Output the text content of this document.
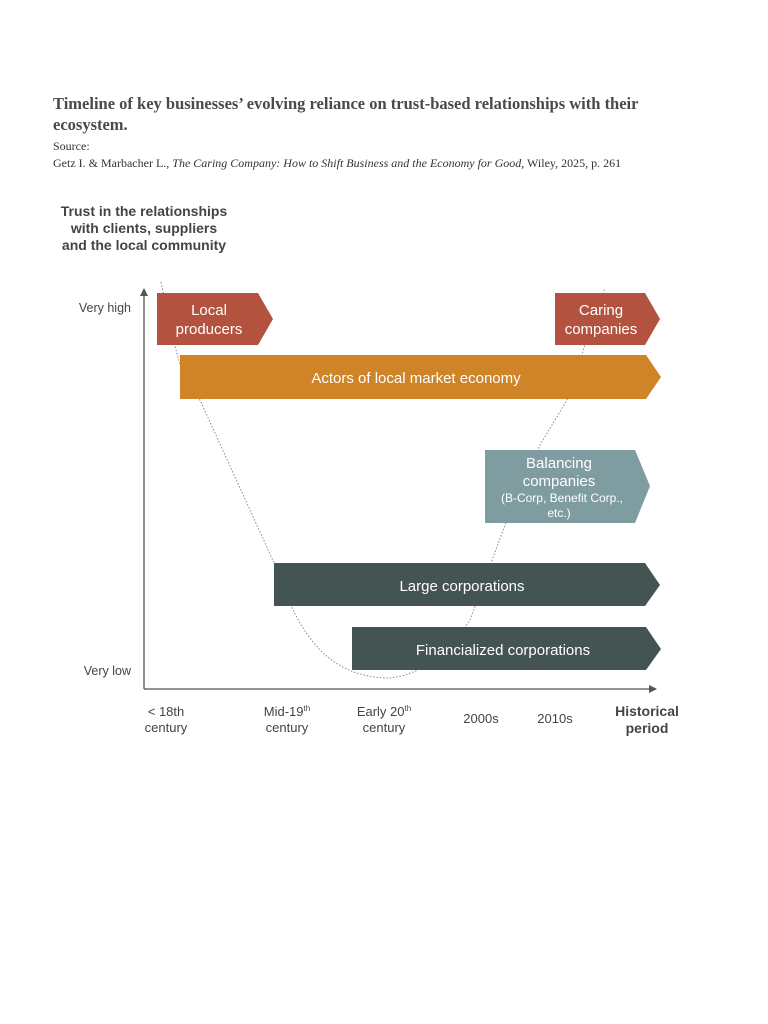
Timeline of key businesses’ evolving reliance on trust-based relationships with their ecosystem.
Source:
Getz I. & Marbacher L., The Caring Company: How to Shift Business and the Economy for Good, Wiley, 2025, p. 261
Trust in the relationships
with clients, suppliers
and the local community
Very high
Very low
Local
producers
Caring
companies
Actors of local market economy
Balancing
companies
(B-Corp, Benefit Corp.,
etc.)
Large corporations
Financialized corporations
< 18th
century
Mid-19th
century
Early 20th
century
2000s	2010s	Historical
period
